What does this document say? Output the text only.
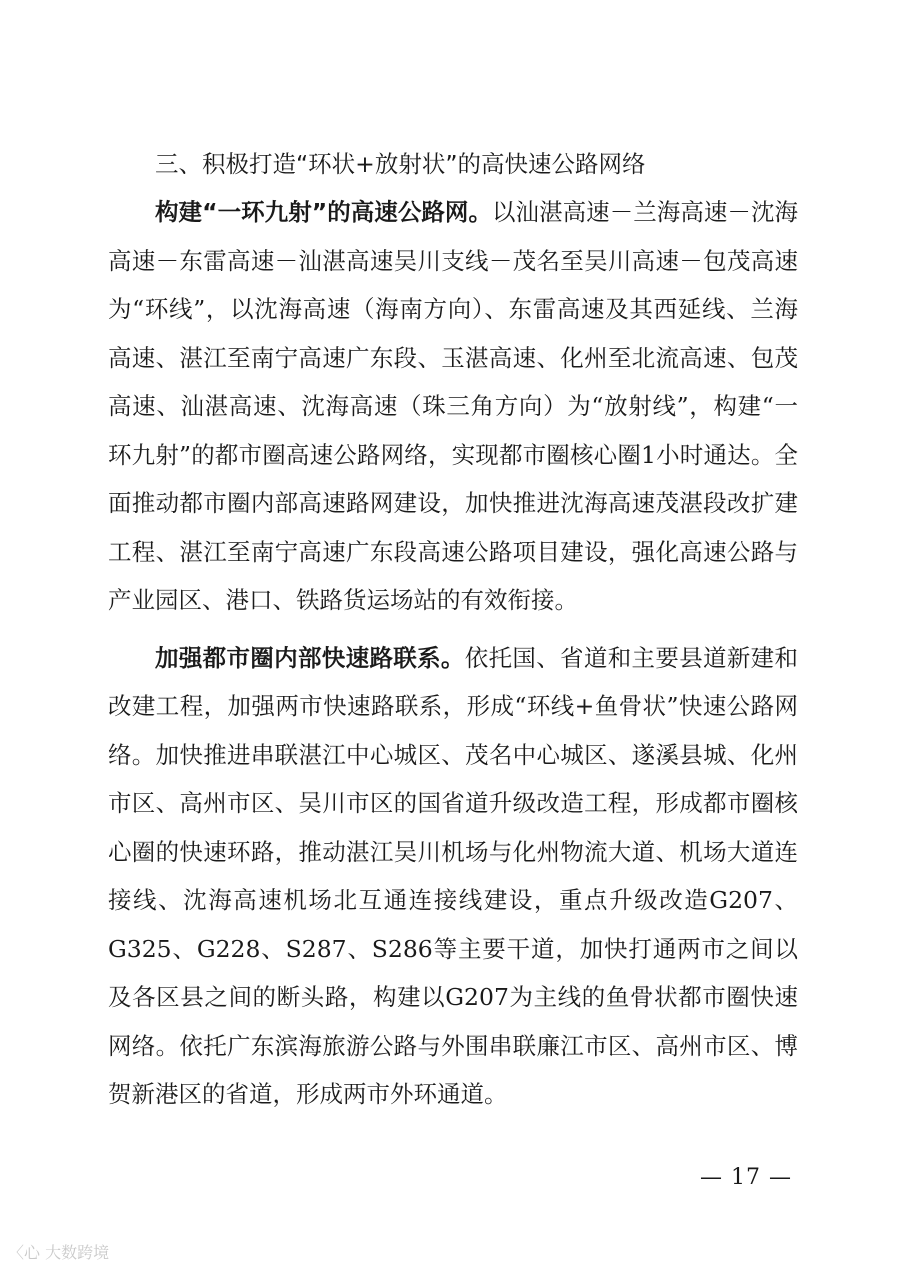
三、积极打造“环状+放射状”的高快速公路网络

构建“一环九射”的高速公路网。以汕湛高速－兰海高速－沈海高速－东雷高速－汕湛高速吴川支线－茂名至吴川高速－包茂高速为“环线”，以沈海高速（海南方向）、东雷高速及其西延线、兰海高速、湛江至南宁高速广东段、玉湛高速、化州至北流高速、包茂高速、汕湛高速、沈海高速（珠三角方向）为“放射线”，构建“一环九射”的都市圈高速公路网络，实现都市圈核心圈1小时通达。全面推动都市圈内部高速路网建设，加快推进沈海高速茂湛段改扩建工程、湛江至南宁高速广东段高速公路项目建设，强化高速公路与产业园区、港口、铁路货运场站的有效衔接。

加强都市圈内部快速路联系。依托国、省道和主要县道新建和改建工程，加强两市快速路联系，形成“环线+鱼骨状”快速公路网络。加快推进串联湛江中心城区、茂名中心城区、遂溪县城、化州市区、高州市区、吴川市区的国省道升级改造工程，形成都市圈核心圈的快速环路，推动湛江吴川机场与化州物流大道、机场大道连接线、沈海高速机场北互通连接线建设，重点升级改造G207、G325、G228、S287、S286等主要干道，加快打通两市之间以及各区县之间的断头路，构建以G207为主线的鱼骨状都市圈快速网络。依托广东滨海旅游公路与外围串联廉江市区、高州市区、博贺新港区的省道，形成两市外环通道。

— 17 —
〈心 大数跨境
